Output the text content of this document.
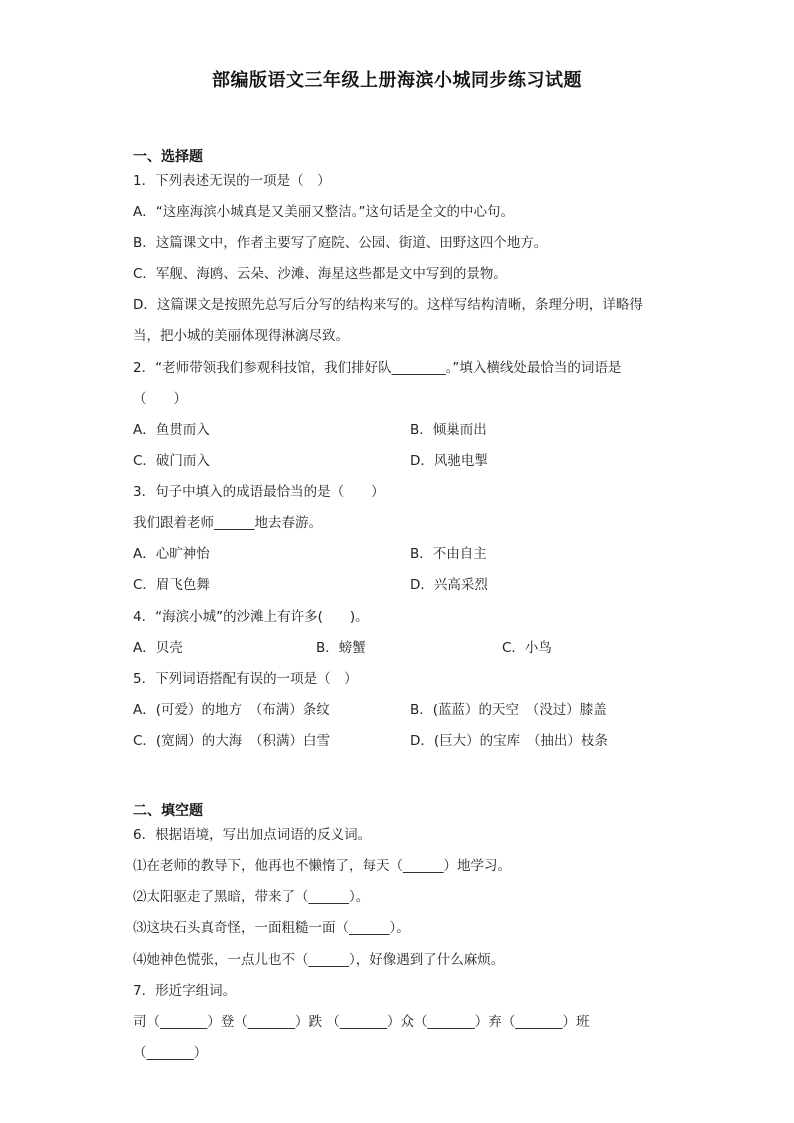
部编版语文三年级上册海滨小城同步练习试题
一、选择题
1．下列表述无误的一项是（　）
A．“这座海滨小城真是又美丽又整洁。”这句话是全文的中心句。
B．这篇课文中，作者主要写了庭院、公园、街道、田野这四个地方。
C．军舰、海鸥、云朵、沙滩、海星这些都是文中写到的景物。
D．这篇课文是按照先总写后分写的结构来写的。这样写结构清晰，条理分明，详略得
当，把小城的美丽体现得淋漓尽致。
2．“老师带领我们参观科技馆，我们排好队________。”填入横线处最恰当的词语是
（　　）
A．鱼贯而入	B．倾巢而出
C．破门而入	D．风驰电掣
3．句子中填入的成语最恰当的是（　　）
我们跟着老师______地去春游。
A．心旷神怡	B．不由自主
C．眉飞色舞	D．兴高采烈
4．“海滨小城”的沙滩上有许多(　　)。
A．贝壳	B．螃蟹	C．小鸟
5．下列词语搭配有误的一项是（　）
A．(可爱）的地方　（布满）条纹	B．(蓝蓝）的天空　（没过）膝盖
C．(宽阔）的大海　（积满）白雪	D．(巨大）的宝库　（抽出）枝条
二、填空题
6．根据语境，写出加点词语的反义词。
⑴在老师的教导下，他再也不懒惰了，每天（______）地学习。
⑵太阳驱走了黑暗，带来了（______）。
⑶这块石头真奇怪，一面粗糙一面（______）。
⑷她神色慌张，一点儿也不（______），好像遇到了什么麻烦。
7．形近字组词。
司（_______）登（_______）跌 （_______）众（_______）弃（_______）班
（_______）
